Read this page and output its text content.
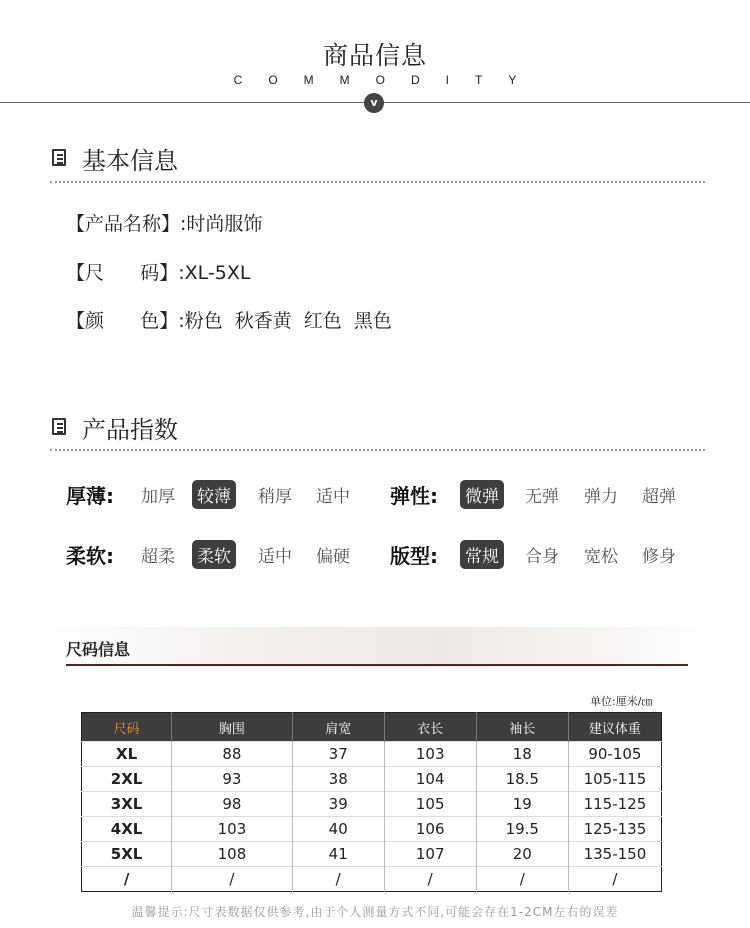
商品信息
COMMODITY
v
基本信息
【产品名称】:时尚服饰
【尺      码】:XL-5XL
【颜      色】:粉色  秋香黄  红色  黑色
产品指数
厚薄: 加厚 较薄 稍厚 适中 弹性: 微弹 无弹 弹力 超弹
柔软: 超柔 柔软 适中 偏硬 版型: 常规 合身 宽松 修身
尺码信息
单位:厘米/㎝
尺码	胸围	肩宽	衣长	袖长	建议体重
XL	88	37	103	18	90-105
2XL	93	38	104	18.5	105-115
3XL	98	39	105	19	115-125
4XL	103	40	106	19.5	125-135
5XL	108	41	107	20	135-150
/	/	/	/	/	/
温馨提示:尺寸表数据仅供参考,由于个人测量方式不同,可能会存在1-2CM左右的误差
